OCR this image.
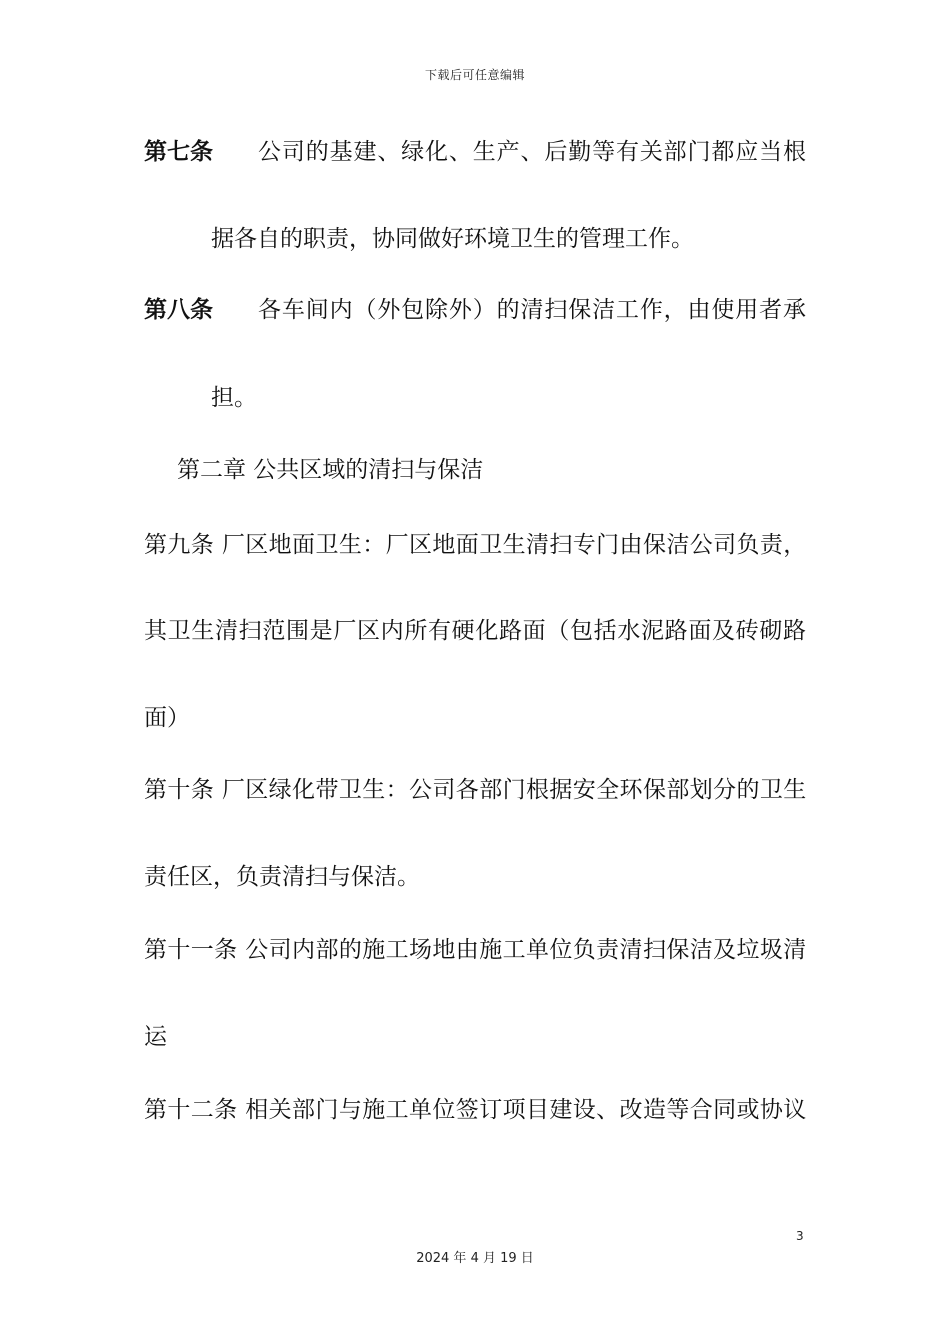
下载后可任意编辑
第七条 公司的基建、绿化、生产、后勤等有关部门都应当根
据各自的职责，协同做好环境卫生的管理工作。
第八条 各车间内（外包除外）的清扫保洁工作，由使用者承
担。
第二章 公共区域的清扫与保洁
第九条 厂区地面卫生：厂区地面卫生清扫专门由保洁公司负责，
其卫生清扫范围是厂区内所有硬化路面（包括水泥路面及砖砌路
面）
第十条 厂区绿化带卫生：公司各部门根据安全环保部划分的卫生
责任区，负责清扫与保洁。
第十一条 公司内部的施工场地由施工单位负责清扫保洁及垃圾清
运
第十二条 相关部门与施工单位签订项目建设、改造等合同或协议
3
2024 年 4 月 19 日
